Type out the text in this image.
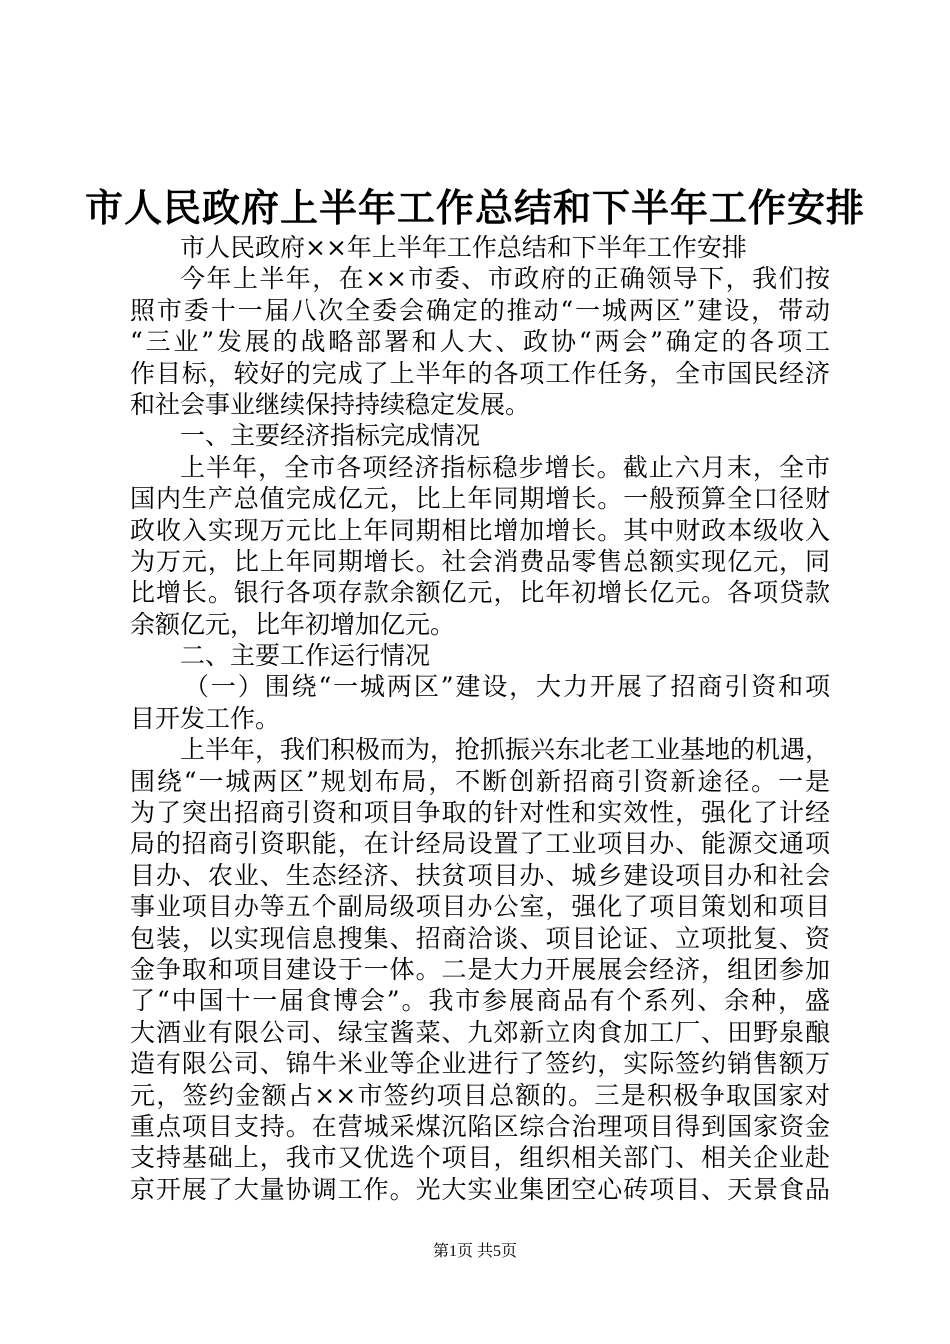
市人民政府上半年工作总结和下半年工作安排
市人民政府××年上半年工作总结和下半年工作安排
今年上半年，在××市委、市政府的正确领导下，我们按
照市委十一届八次全委会确定的推动“一城两区”建设，带动
“三业”发展的战略部署和人大、政协“两会”确定的各项工
作目标，较好的完成了上半年的各项工作任务，全市国民经济
和社会事业继续保持持续稳定发展。
一、主要经济指标完成情况
上半年，全市各项经济指标稳步增长。截止六月末，全市
国内生产总值完成亿元，比上年同期增长。一般预算全口径财
政收入实现万元比上年同期相比增加增长。其中财政本级收入
为万元，比上年同期增长。社会消费品零售总额实现亿元，同
比增长。银行各项存款余额亿元，比年初增长亿元。各项贷款
余额亿元，比年初增加亿元。
二、主要工作运行情况
（一）围绕“一城两区”建设，大力开展了招商引资和项
目开发工作。
上半年，我们积极而为，抢抓振兴东北老工业基地的机遇，
围绕“一城两区”规划布局，不断创新招商引资新途径。一是
为了突出招商引资和项目争取的针对性和实效性，强化了计经
局的招商引资职能，在计经局设置了工业项目办、能源交通项
目办、农业、生态经济、扶贫项目办、城乡建设项目办和社会
事业项目办等五个副局级项目办公室，强化了项目策划和项目
包装，以实现信息搜集、招商洽谈、项目论证、立项批复、资
金争取和项目建设于一体。二是大力开展展会经济，组团参加
了“中国十一届食博会”。我市参展商品有个系列、余种，盛
大酒业有限公司、绿宝酱菜、九郊新立肉食加工厂、田野泉酿
造有限公司、锦牛米业等企业进行了签约，实际签约销售额万
元，签约金额占××市签约项目总额的。三是积极争取国家对
重点项目支持。在营城采煤沉陷区综合治理项目得到国家资金
支持基础上，我市又优选个项目，组织相关部门、相关企业赴
京开展了大量协调工作。光大实业集团空心砖项目、天景食品
第1页 共5页
